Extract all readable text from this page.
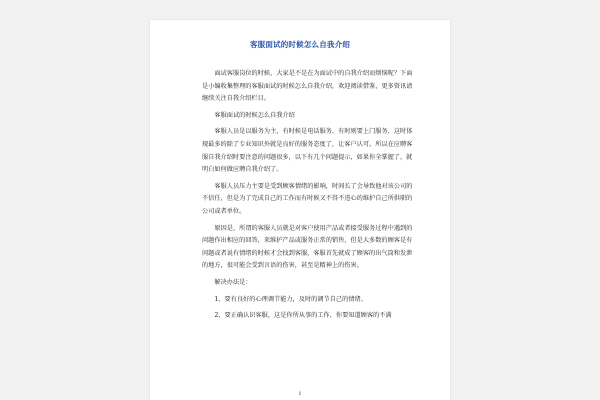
客服面试的时候怎么自我介绍

面试客服岗位的时候，大家是不是在为面试中的自我介绍而烦恼呢？下面是小编收集整理的客服面试的时候怎么自我介绍，欢迎阅读借鉴，更多资讯请继续关注自我介绍栏目。

客服面试的时候怎么自我介绍

客服人员是以服务为主，有时候是电话服务，有时则要上门服务，这时体现最多的除了专业知识外就是良好的服务态度了，让客户认可。所以在应聘客服自我介绍时要注意的问题很多，以下有几个问题提示，如果你全掌握了，就明白如何做应聘自我介绍了。

客服人员压力主要是受到顾客情绪的影响，时间长了会导致他对该公司的不信任，但是为了完成自己的工作而有时候又不得不违心的维护自己所供职的公司或者单位。

原因是，所谓的客服人员就是对客户使用产品或者接受服务过程中遇到的问题作出相应的回答，来维护产品或服务正常的销售，但是大多数的顾客是有问题或者说有情绪的时候才会找到客服，客服首先就成了顾客的出气筒和发泄的地方，很可能会受到言语的伤害，甚至是精神上的伤害。

解决办法是：

1、要有良好的心理调节能力，及时的调节自己的情绪。

2、要正确认识客服，这是你所从事的工作，你要知道顾客的不满

1
